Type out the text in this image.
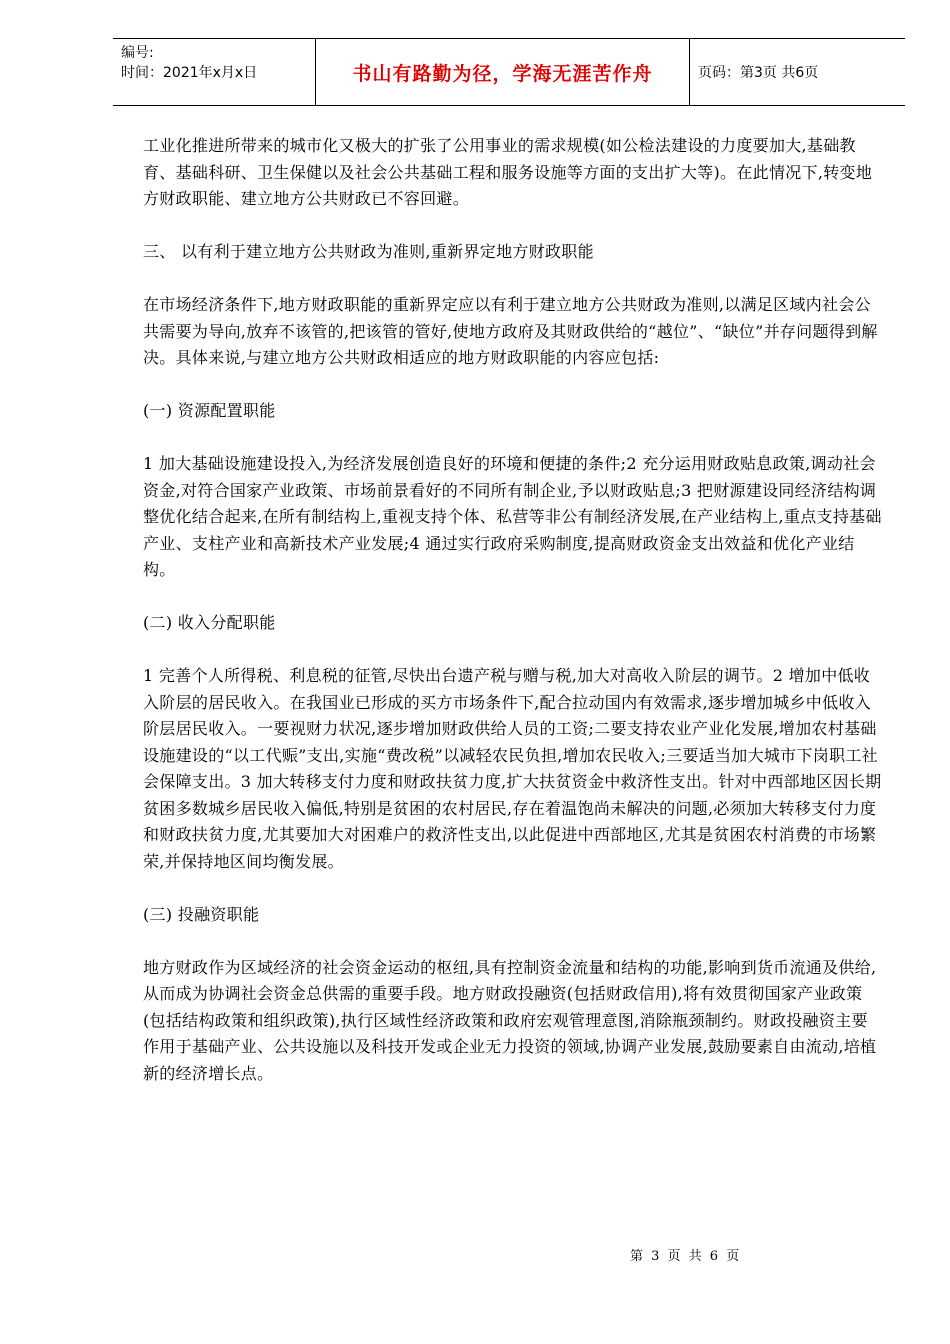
编号:
时间：2021年x月x日	书山有路勤为径，学海无涯苦作舟	页码：第3页 共6页

工业化推进所带来的城市化又极大的扩张了公用事业的需求规模(如公检法建设的力度要加大,基础教育、基础科研、卫生保健以及社会公共基础工程和服务设施等方面的支出扩大等)。在此情况下,转变地方财政职能、建立地方公共财政已不容回避。

三、 以有利于建立地方公共财政为准则,重新界定地方财政职能

在市场经济条件下,地方财政职能的重新界定应以有利于建立地方公共财政为准则,以满足区域内社会公共需要为导向,放弃不该管的,把该管的管好,使地方政府及其财政供给的“越位”、“缺位”并存问题得到解决。具体来说,与建立地方公共财政相适应的地方财政职能的内容应包括:

(一) 资源配置职能

1 加大基础设施建设投入,为经济发展创造良好的环境和便捷的条件;2 充分运用财政贴息政策,调动社会资金,对符合国家产业政策、市场前景看好的不同所有制企业,予以财政贴息;3 把财源建设同经济结构调整优化结合起来,在所有制结构上,重视支持个体、私营等非公有制经济发展,在产业结构上,重点支持基础产业、支柱产业和高新技术产业发展;4 通过实行政府采购制度,提高财政资金支出效益和优化产业结构。

(二) 收入分配职能

1 完善个人所得税、利息税的征管,尽快出台遗产税与赠与税,加大对高收入阶层的调节。2 增加中低收入阶层的居民收入。在我国业已形成的买方市场条件下,配合拉动国内有效需求,逐步增加城乡中低收入阶层居民收入。一要视财力状况,逐步增加财政供给人员的工资;二要支持农业产业化发展,增加农村基础设施建设的“以工代赈”支出,实施“费改税”以减轻农民负担,增加农民收入;三要适当加大城市下岗职工社会保障支出。3 加大转移支付力度和财政扶贫力度,扩大扶贫资金中救济性支出。针对中西部地区因长期贫困多数城乡居民收入偏低,特别是贫困的农村居民,存在着温饱尚未解决的问题,必须加大转移支付力度和财政扶贫力度,尤其要加大对困难户的救济性支出,以此促进中西部地区,尤其是贫困农村消费的市场繁荣,并保持地区间均衡发展。

(三) 投融资职能

地方财政作为区域经济的社会资金运动的枢纽,具有控制资金流量和结构的功能,影响到货币流通及供给,从而成为协调社会资金总供需的重要手段。地方财政投融资(包括财政信用),将有效贯彻国家产业政策(包括结构政策和组织政策),执行区域性经济政策和政府宏观管理意图,消除瓶颈制约。财政投融资主要作用于基础产业、公共设施以及科技开发或企业无力投资的领域,协调产业发展,鼓励要素自由流动,培植新的经济增长点。

第 3 页 共 6 页
